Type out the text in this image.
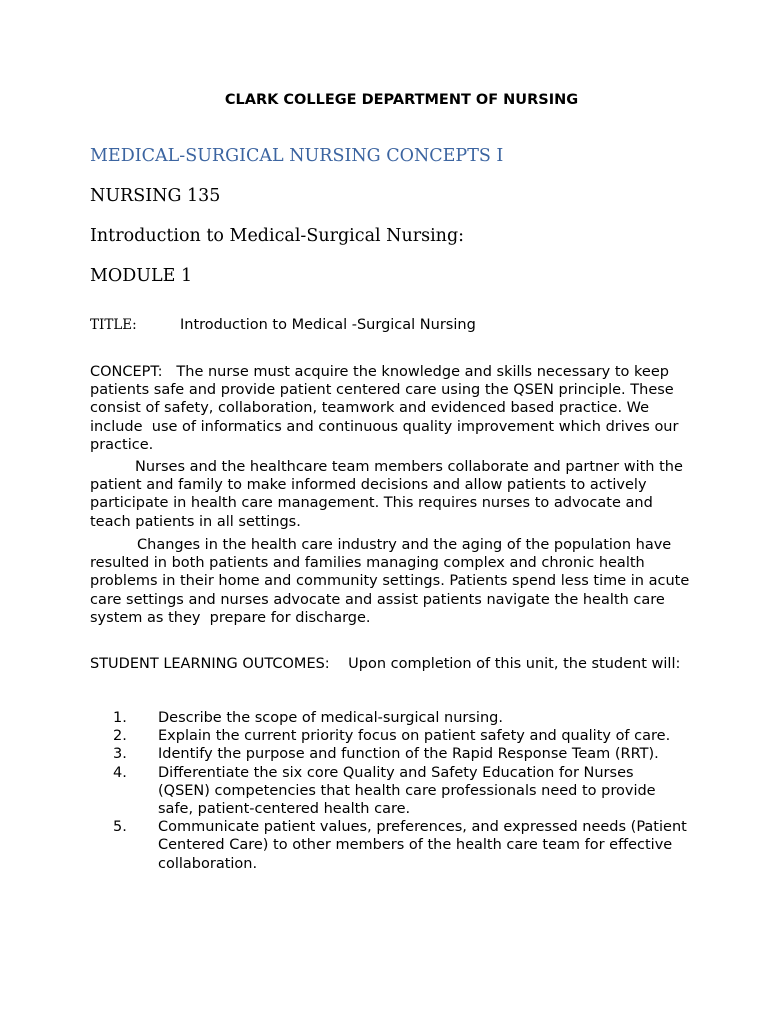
CLARK COLLEGE DEPARTMENT OF NURSING
MEDICAL-SURGICAL NURSING CONCEPTS I
NURSING 135
Introduction to Medical-Surgical Nursing:
MODULE 1
TITLE:	Introduction to Medical -Surgical Nursing
CONCEPT:   The nurse must acquire the knowledge and skills necessary to keep patients safe and provide patient centered care using the QSEN principle. These consist of safety, collaboration, teamwork and evidenced based practice. We include  use of informatics and continuous quality improvement which drives our practice.
Nurses and the healthcare team members collaborate and partner with the patient and family to make informed decisions and allow patients to actively participate in health care management. This requires nurses to advocate and teach patients in all settings.
Changes in the health care industry and the aging of the population have resulted in both patients and families managing complex and chronic health problems in their home and community settings. Patients spend less time in acute care settings and nurses advocate and assist patients navigate the health care system as they  prepare for discharge.
STUDENT LEARNING OUTCOMES:    Upon completion of this unit, the student will:
1. Describe the scope of medical-surgical nursing.
2. Explain the current priority focus on patient safety and quality of care.
3. Identify the purpose and function of the Rapid Response Team (RRT).
4. Differentiate the six core Quality and Safety Education for Nurses (QSEN) competencies that health care professionals need to provide safe, patient-centered health care.
5. Communicate patient values, preferences, and expressed needs (Patient Centered Care) to other members of the health care team for effective collaboration.
